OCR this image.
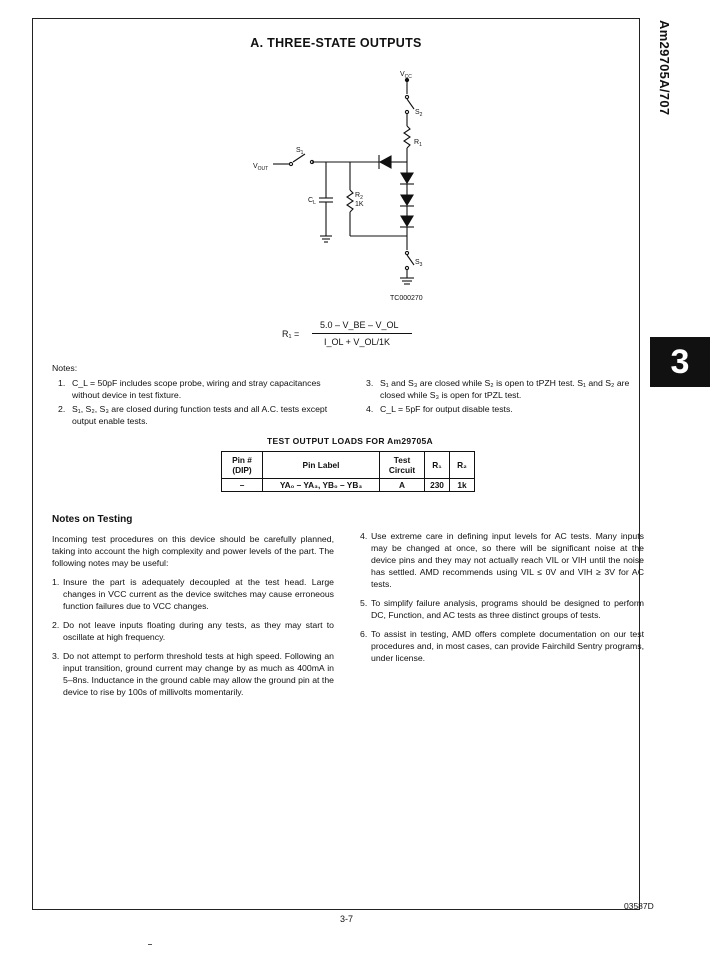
Am29705A/707
3
A. THREE-STATE OUTPUTS
$V_{CC}$
$S_2$
$R_1$
$S_1$
$V_{OUT}$
$C_L$
$R_2$
1K
$S_3$
TC000270
R₁ =
5.0 – V_BE – V_OL
I_OL + V_OL/1K
Notes:
1. C_L = 50pF includes scope probe, wiring and stray capacitances without device in test fixture.
2. S₁, S₂, S₃ are closed during function tests and all A.C. tests except output enable tests.
3. S₁ and S₃ are closed while S₂ is open to tPZH test. S₁ and S₂ are closed while S₃ is open for tPZL test.
4. C_L = 5pF for output disable tests.
TEST OUTPUT LOADS FOR Am29705A
Pin # (DIP)	Pin Label	Test Circuit	R₁	R₂
–	YA₀ – YA₃, YB₀ – YB₃	A	230	1k
Notes on Testing
Incoming test procedures on this device should be carefully planned, taking into account the high complexity and power levels of the part. The following notes may be useful:
1. Insure the part is adequately decoupled at the test head. Large changes in VCC current as the device switches may cause erroneous function failures due to VCC changes.
2. Do not leave inputs floating during any tests, as they may start to oscillate at high frequency.
3. Do not attempt to perform threshold tests at high speed. Following an input transition, ground current may change by as much as 400mA in 5–8ns. Inductance in the ground cable may allow the ground pin at the device to rise by 100s of millivolts momentarily.
4. Use extreme care in defining input levels for AC tests. Many inputs may be changed at once, so there will be significant noise at the device pins and they may not actually reach VIL or VIH until the noise has settled. AMD recommends using VIL ≤ 0V and VIH ≥ 3V for AC tests.
5. To simplify failure analysis, programs should be designed to perform DC, Function, and AC tests as three distinct groups of tests.
6. To assist in testing, AMD offers complete documentation on our test procedures and, in most cases, can provide Fairchild Sentry programs, under license.
3-7
03587D
